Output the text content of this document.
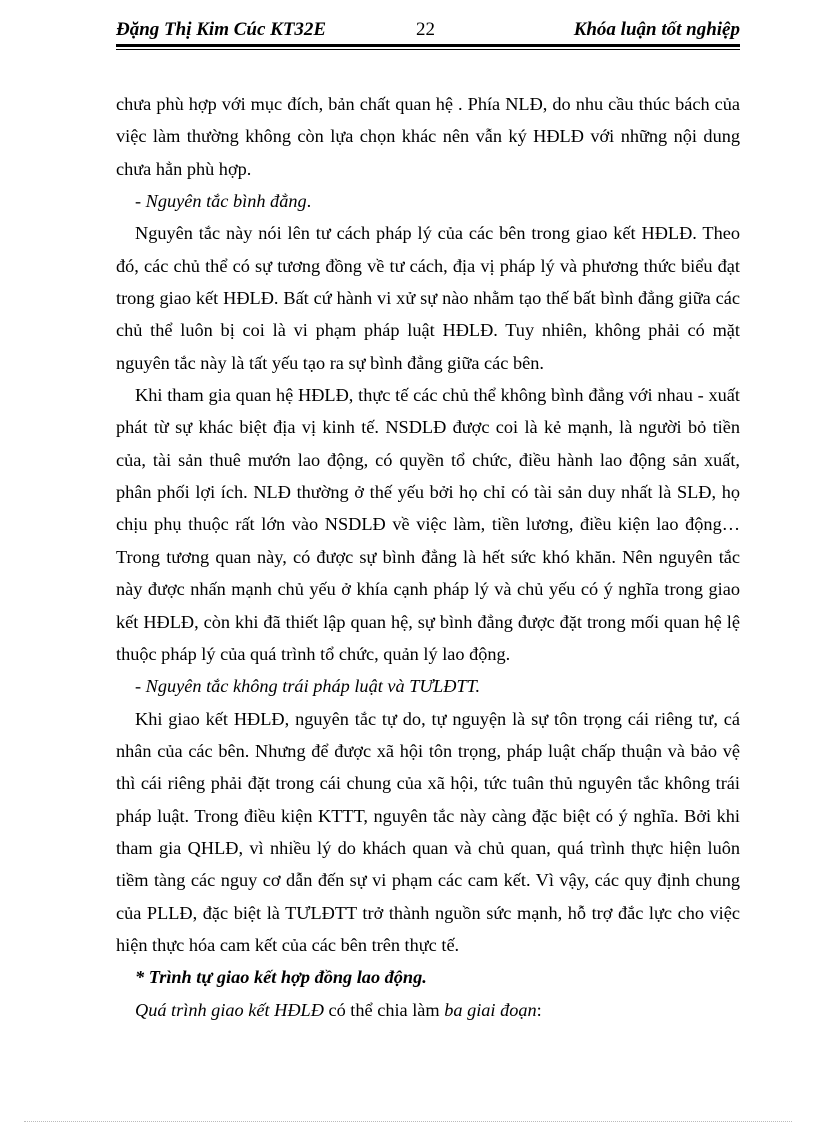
Đặng Thị Kim Cúc KT32E	22	Khóa luận tốt nghiệp

chưa phù hợp với mục đích, bản chất quan hệ . Phía NLĐ, do nhu cầu thúc bách của việc làm thường không còn lựa chọn khác nên vẫn ký HĐLĐ với những nội dung chưa hẳn phù hợp.

- Nguyên tắc bình đẳng.

Nguyên tắc này nói lên tư cách pháp lý của các bên trong giao kết HĐLĐ. Theo đó, các chủ thể có sự tương đồng về tư cách, địa vị pháp lý và phương thức biểu đạt trong giao kết HĐLĐ. Bất cứ hành vi xử sự nào nhằm tạo thế bất bình đẳng giữa các chủ thể luôn bị coi là vi phạm pháp luật HĐLĐ. Tuy nhiên, không phải có mặt nguyên tắc này là tất yếu tạo ra sự bình đẳng giữa các bên.

Khi tham gia quan hệ HĐLĐ, thực tế các chủ thể không bình đẳng với nhau - xuất phát từ sự khác biệt địa vị kinh tế. NSDLĐ được coi là kẻ mạnh, là người bỏ tiền của, tài sản thuê mướn lao động, có quyền tổ chức, điều hành lao động sản xuất, phân phối lợi ích. NLĐ thường ở thế yếu bởi họ chỉ có tài sản duy nhất là SLĐ, họ chịu phụ thuộc rất lớn vào NSDLĐ về việc làm, tiền lương, điều kiện lao động… Trong tương quan này, có được sự bình đẳng là hết sức khó khăn. Nên nguyên tắc này được nhấn mạnh chủ yếu ở khía cạnh pháp lý và chủ yếu có ý nghĩa trong giao kết HĐLĐ, còn khi đã thiết lập quan hệ, sự bình đẳng được đặt trong mối quan hệ lệ thuộc pháp lý của quá trình tổ chức, quản lý lao động.

- Nguyên tắc không trái pháp luật và TƯLĐTT.

Khi giao kết HĐLĐ, nguyên tắc tự do, tự nguyện là sự tôn trọng cái riêng tư, cá nhân của các bên. Nhưng để được xã hội tôn trọng, pháp luật chấp thuận và bảo vệ thì cái riêng phải đặt trong cái chung của xã hội, tức tuân thủ nguyên tắc không trái pháp luật. Trong điều kiện KTTT, nguyên tắc này càng đặc biệt có ý nghĩa. Bởi khi tham gia QHLĐ, vì nhiều lý do khách quan và chủ quan, quá trình thực hiện luôn tiềm tàng các nguy cơ dẫn đến sự vi phạm các cam kết. Vì vậy, các quy định chung của PLLĐ, đặc biệt là TƯLĐTT trở thành nguồn sức mạnh, hỗ trợ đắc lực cho việc hiện thực hóa cam kết của các bên trên thực tế.

* Trình tự giao kết hợp đồng lao động.

Quá trình giao kết HĐLĐ có thể chia làm ba giai đoạn:
